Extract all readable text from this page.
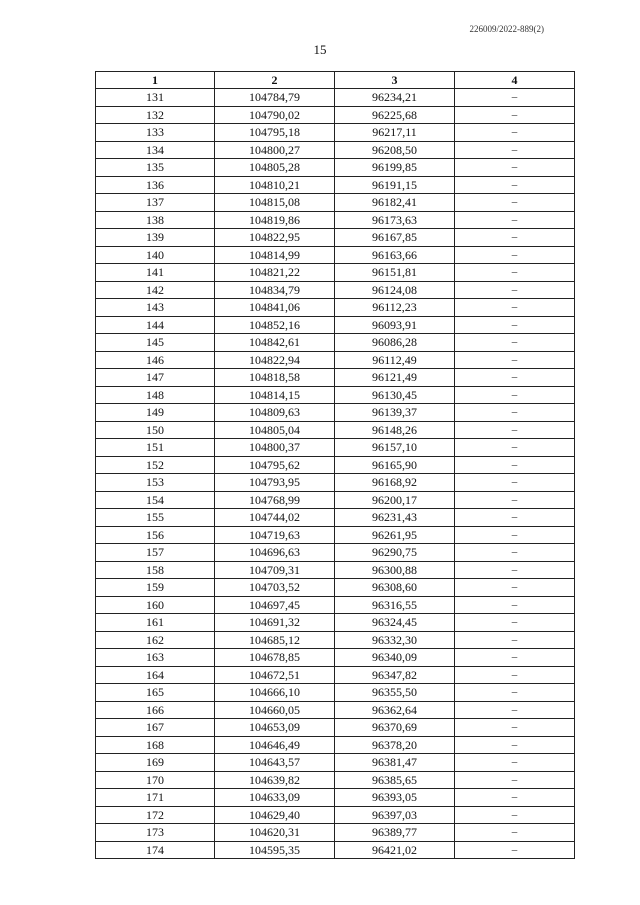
226009/2022-889(2)
15
1	2	3	4
131	104784,79	96234,21	–
132	104790,02	96225,68	–
133	104795,18	96217,11	–
134	104800,27	96208,50	–
135	104805,28	96199,85	–
136	104810,21	96191,15	–
137	104815,08	96182,41	–
138	104819,86	96173,63	–
139	104822,95	96167,85	–
140	104814,99	96163,66	–
141	104821,22	96151,81	–
142	104834,79	96124,08	–
143	104841,06	96112,23	–
144	104852,16	96093,91	–
145	104842,61	96086,28	–
146	104822,94	96112,49	–
147	104818,58	96121,49	–
148	104814,15	96130,45	–
149	104809,63	96139,37	–
150	104805,04	96148,26	–
151	104800,37	96157,10	–
152	104795,62	96165,90	–
153	104793,95	96168,92	–
154	104768,99	96200,17	–
155	104744,02	96231,43	–
156	104719,63	96261,95	–
157	104696,63	96290,75	–
158	104709,31	96300,88	–
159	104703,52	96308,60	–
160	104697,45	96316,55	–
161	104691,32	96324,45	–
162	104685,12	96332,30	–
163	104678,85	96340,09	–
164	104672,51	96347,82	–
165	104666,10	96355,50	–
166	104660,05	96362,64	–
167	104653,09	96370,69	–
168	104646,49	96378,20	–
169	104643,57	96381,47	–
170	104639,82	96385,65	–
171	104633,09	96393,05	–
172	104629,40	96397,03	–
173	104620,31	96389,77	–
174	104595,35	96421,02	–
